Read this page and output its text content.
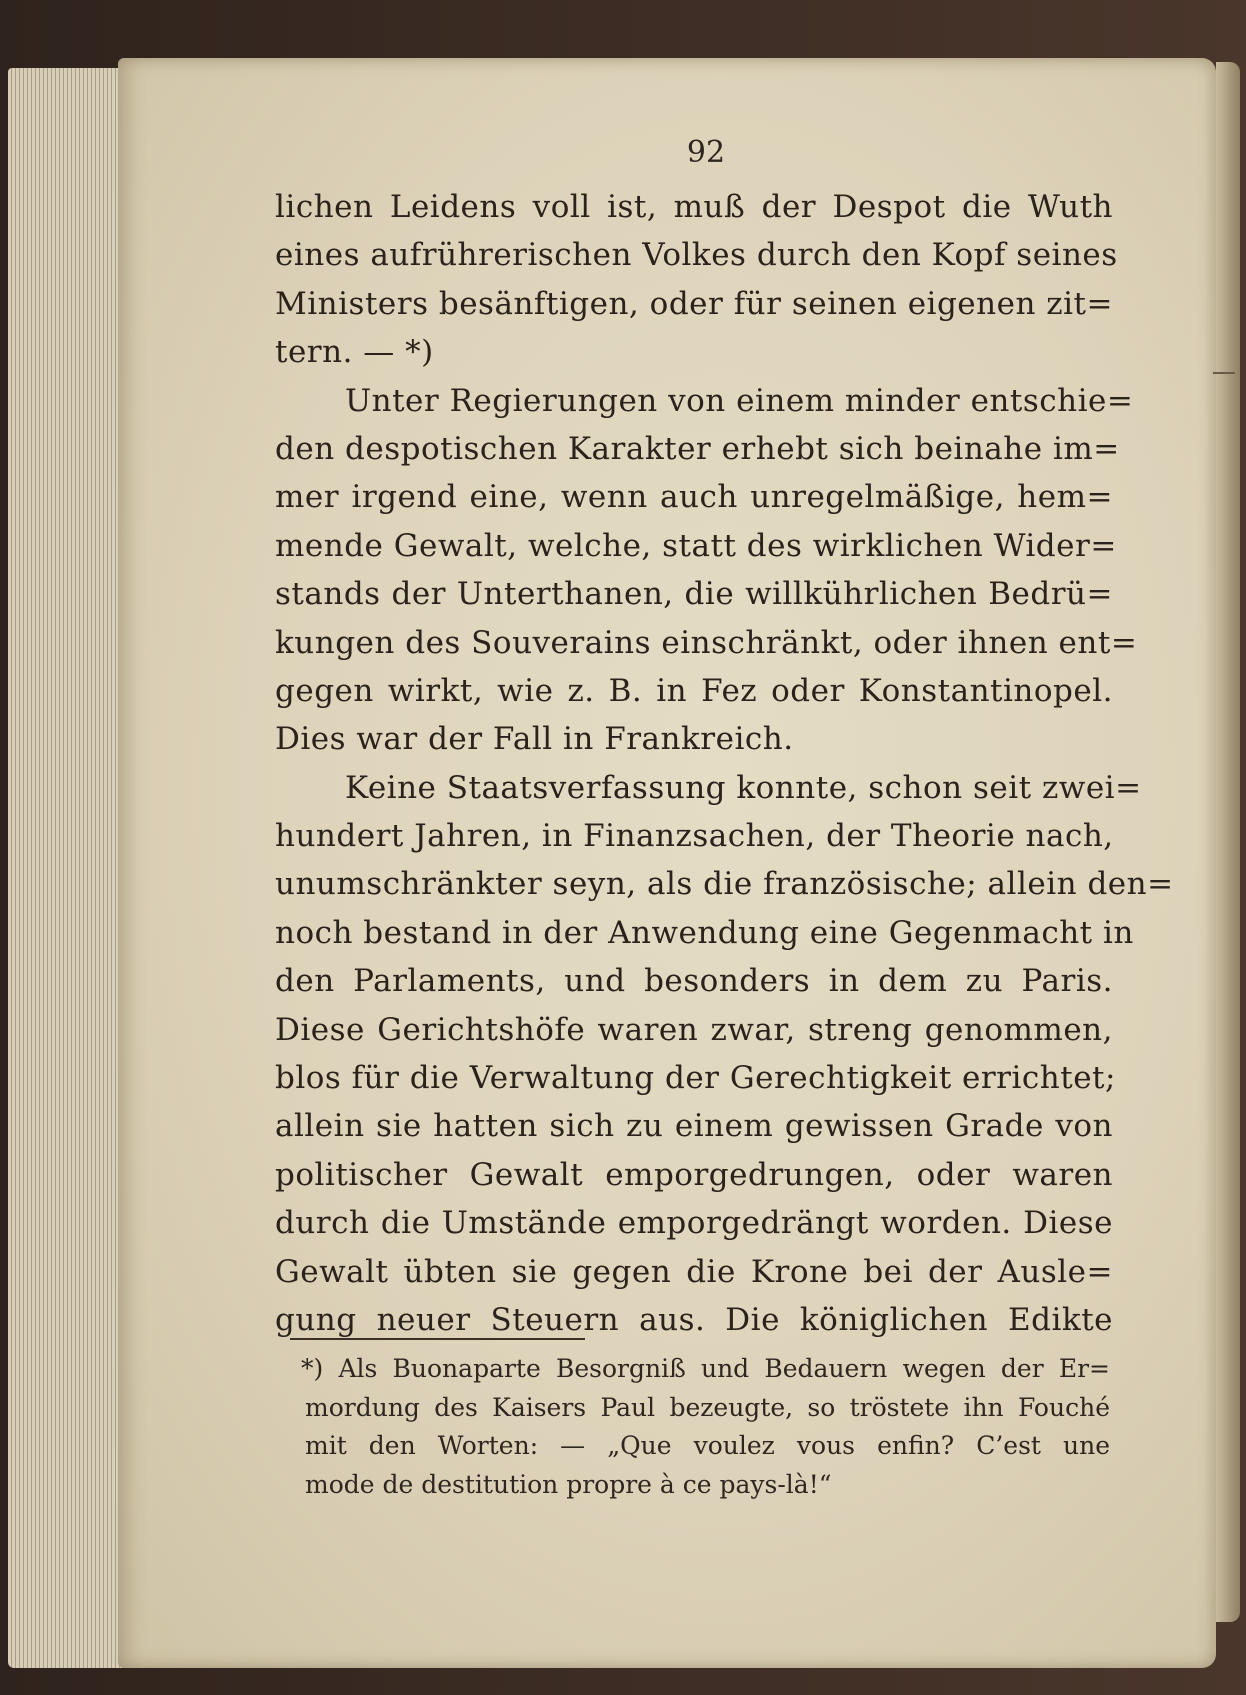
92
lichen Leidens voll ist, muß der Despot die Wuth
eines aufrührerischen Volkes durch den Kopf seines
Ministers besänftigen, oder für seinen eigenen zit=
tern. — *)
Unter Regierungen von einem minder entschie=
den despotischen Karakter erhebt sich beinahe im=
mer irgend eine, wenn auch unregelmäßige, hem=
mende Gewalt, welche, statt des wirklichen Wider=
stands der Unterthanen, die willkührlichen Bedrü=
kungen des Souverains einschränkt, oder ihnen ent=
gegen wirkt, wie z. B. in Fez oder Konstantinopel.
Dies war der Fall in Frankreich.
Keine Staatsverfassung konnte, schon seit zwei=
hundert Jahren, in Finanzsachen, der Theorie nach,
unumschränkter seyn, als die französische; allein den=
noch bestand in der Anwendung eine Gegenmacht in
den Parlaments, und besonders in dem zu Paris.
Diese Gerichtshöfe waren zwar, streng genommen,
blos für die Verwaltung der Gerechtigkeit errichtet;
allein sie hatten sich zu einem gewissen Grade von
politischer Gewalt emporgedrungen, oder waren
durch die Umstände emporgedrängt worden. Diese
Gewalt übten sie gegen die Krone bei der Ausle=
gung neuer Steuern aus. Die königlichen Edikte
*) Als Buonaparte Besorgniß und Bedauern wegen der Er=
mordung des Kaisers Paul bezeugte, so tröstete ihn Fouché
mit den Worten: — „Que voulez vous enfin? C’est une
mode de destitution propre à ce pays-là!“
